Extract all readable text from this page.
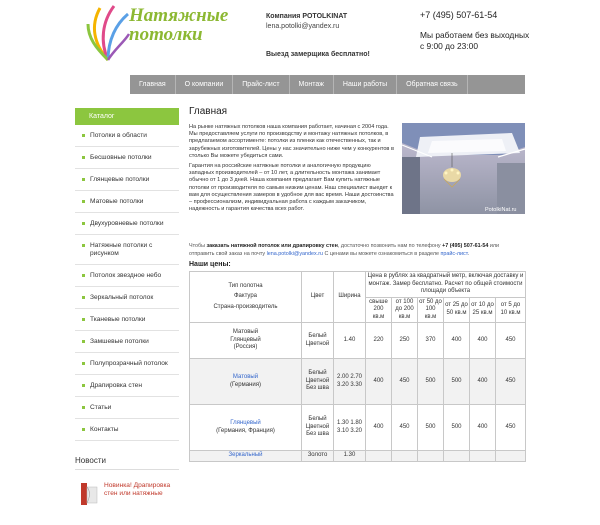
Натяжные
потолки
Компания POTOLKINAT
lena.potolki@yandex.ru
Выезд замерщика бесплатно!
+7 (495) 507-61-54
Мы работаем без выходных с 9:00 до 23:00
Главная	О компании	Прайс-лист	Монтаж	Наши работы	Обратная связь
Каталог
Потолки в области
Бесшовные потолки
Глянцевые потолки
Матовые потолки
Двухуровневые потолки
Натяжные потолки с рисунком
Потолок звездное небо
Зеркальный потолок
Тканевые потолки
Замшевые потолки
Полупрозрачный потолок
Драпировка стен
Статьи
Контакты
Новости
Новинка! Драпировка стен или натяжные
Главная

На рынке натяжных потолков наша компания работает, начиная с 2004 года. Мы предоставляем услуги по производству и монтажу натяжных потолков, в предлагаемом ассортименте: потолки из пленки как отечественных, так и зарубежных изготовителей. Цены у нас значительно ниже чем у конкурентов в столько Вы можете убедиться сами.

Гарантия на российские натяжные потолки и аналогичную продукцию западных производителей – от 10 лет, а длительность монтажа занимает обычно от 1 до 3 дней. Наша компания предлагает Вам купить натяжные потолки от производителя по самым низким ценам. Наш специалист выедет к вам для осуществления замеров в удобное для вас время. Наши достоинства – профессионализм, индивидуальная работа с каждым заказчиком, надежность и гарантия качества всех работ.	PotolkiNat.ru
Чтобы заказать натяжной потолок или драпировку стен, достаточно позвонить нам по телефону +7 (495) 507-61-54 или отправить свой заказ на почту lena.potolki@yandex.ru С ценами вы можете ознакомиться в разделе прайс-лист.
Наши цены:
Тип полотна
Фактура
Страна-производитель	Цвет	Ширина	Цена в рублях за квадратный метр, включая доставку и монтаж. Замер бесплатно. Расчет по общей стоимости площади объекта					
			свыше 200 кв.м	от 100 до 200 кв.м	от 50 до 100 кв.м	от 25 до 50 кв.м	от 10 до 25 кв.м	от 5 до 10 кв.м

Матовый
Глянцевый
(Россия)	Белый Цветной	1.40	220	250	370	400	400	450

Матовый
(Германия)	Белый Цветной Без шва	2.00 2.70 3.20 3.30	400	450	500	500	400	450

Глянцевый
(Германия, Франция)	Белый Цветной Без шва	1.30 1.80 3.10 3.20	400	450	500	500	400	450

Зеркальный	Золото	1.30						
